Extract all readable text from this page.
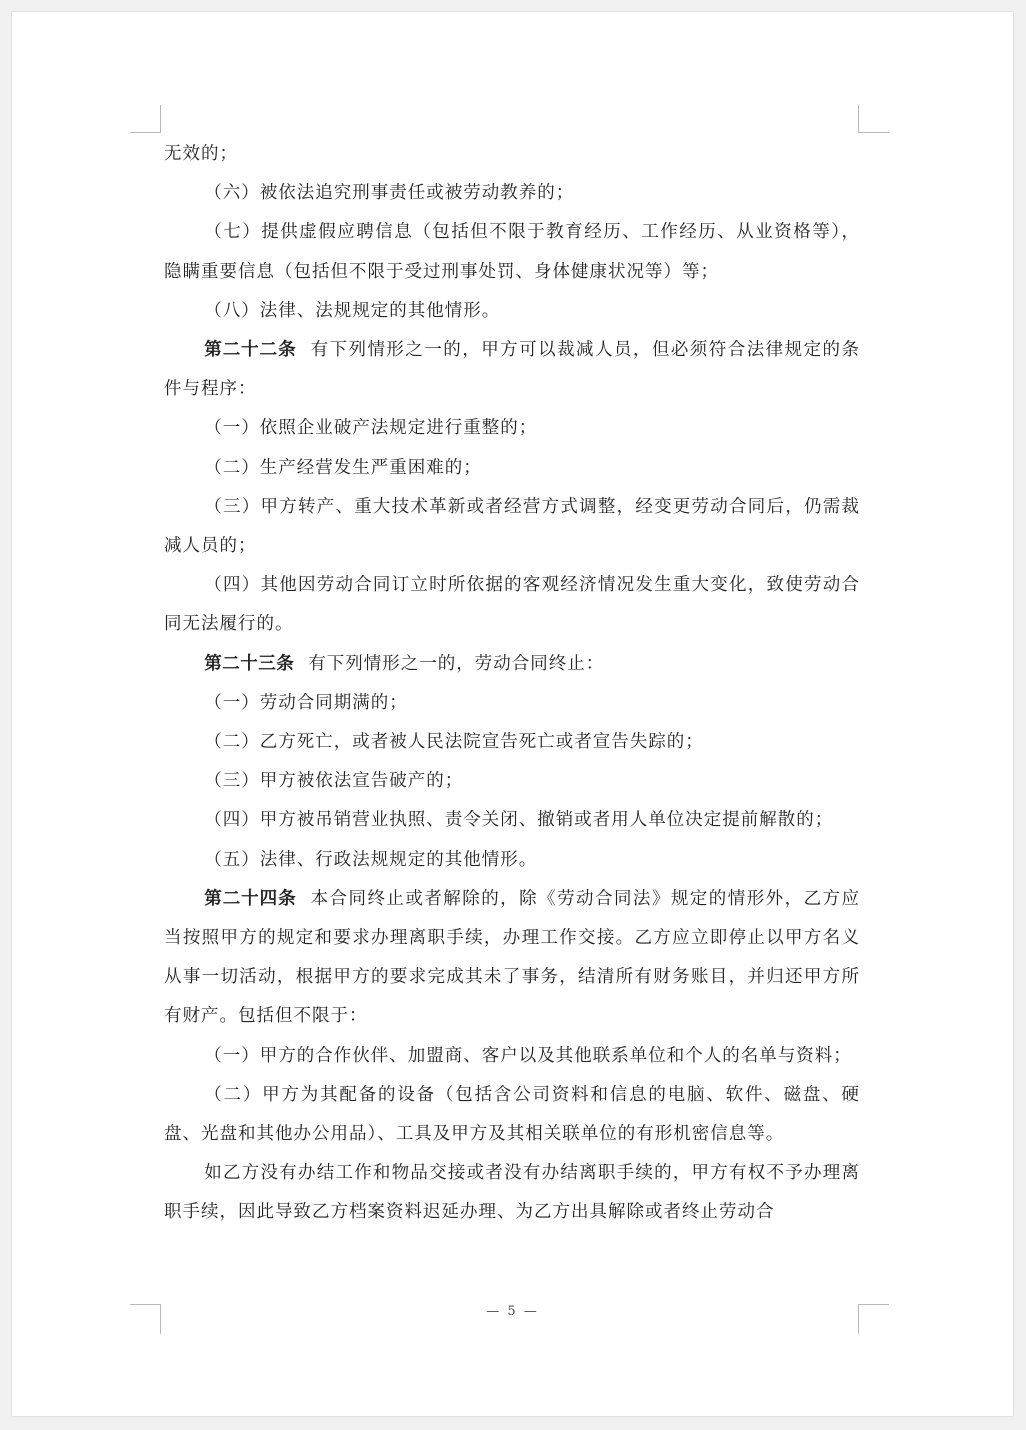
无效的；

（六）被依法追究刑事责任或被劳动教养的；

（七）提供虚假应聘信息（包括但不限于教育经历、工作经历、从业资格等），隐瞒重要信息（包括但不限于受过刑事处罚、身体健康状况等）等；

（八）法律、法规规定的其他情形。

第二十二条 有下列情形之一的，甲方可以裁减人员，但必须符合法律规定的条件与程序：

（一）依照企业破产法规定进行重整的；

（二）生产经营发生严重困难的；

（三）甲方转产、重大技术革新或者经营方式调整，经变更劳动合同后，仍需裁减人员的；

（四）其他因劳动合同订立时所依据的客观经济情况发生重大变化，致使劳动合同无法履行的。

第二十三条 有下列情形之一的，劳动合同终止：

（一）劳动合同期满的；

（二）乙方死亡，或者被人民法院宣告死亡或者宣告失踪的；

（三）甲方被依法宣告破产的；

（四）甲方被吊销营业执照、责令关闭、撤销或者用人单位决定提前解散的；

（五）法律、行政法规规定的其他情形。

第二十四条 本合同终止或者解除的，除《劳动合同法》规定的情形外，乙方应当按照甲方的规定和要求办理离职手续，办理工作交接。乙方应立即停止以甲方名义从事一切活动，根据甲方的要求完成其未了事务，结清所有财务账目，并归还甲方所有财产。包括但不限于：

（一）甲方的合作伙伴、加盟商、客户以及其他联系单位和个人的名单与资料；

（二）甲方为其配备的设备（包括含公司资料和信息的电脑、软件、磁盘、硬盘、光盘和其他办公用品）、工具及甲方及其相关联单位的有形机密信息等。

如乙方没有办结工作和物品交接或者没有办结离职手续的，甲方有权不予办理离职手续，因此导致乙方档案资料迟延办理、为乙方出具解除或者终止劳动合

— 5 —
